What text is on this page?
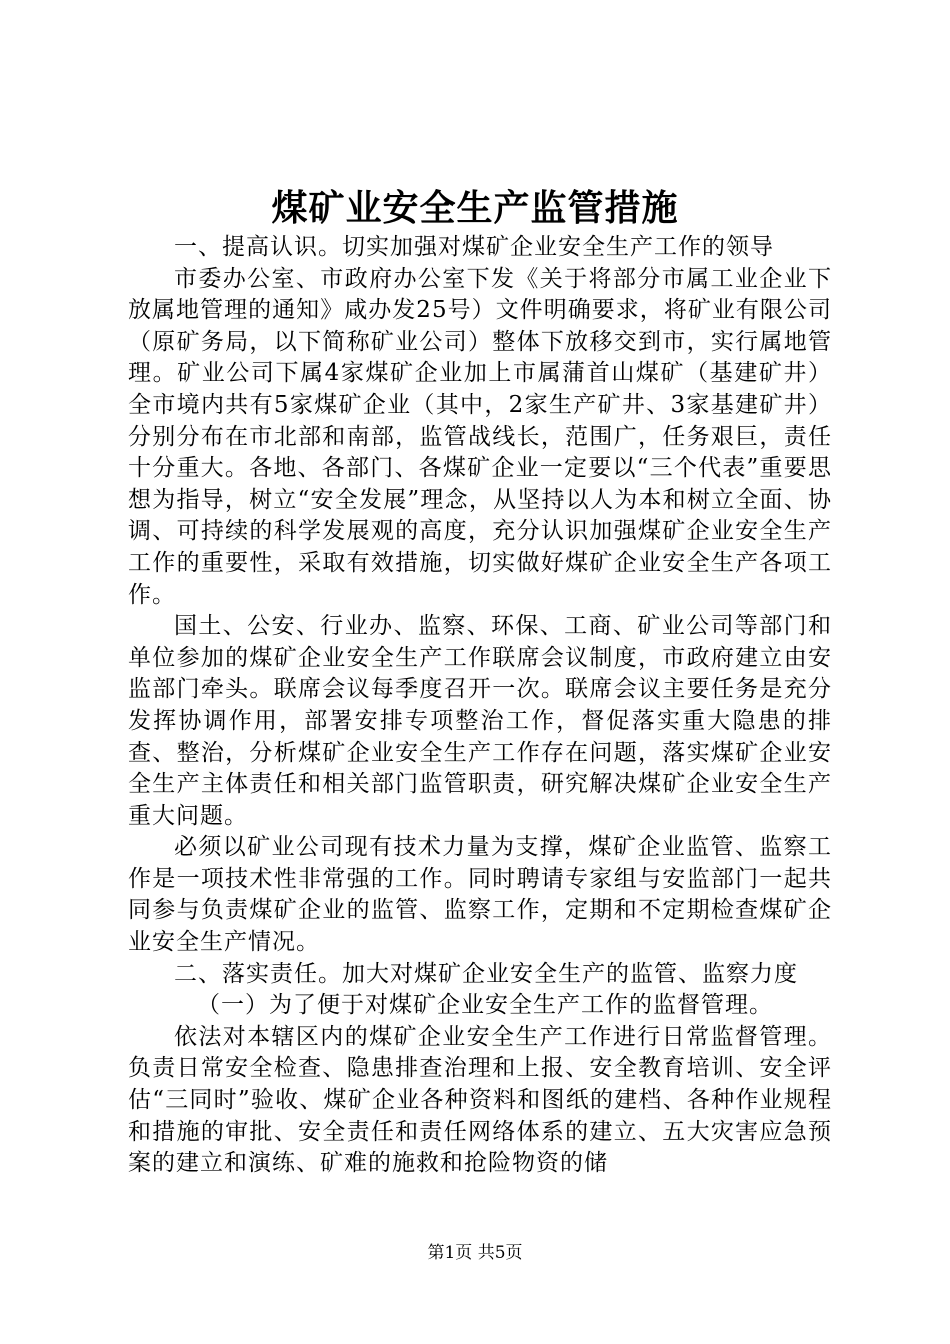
煤矿业安全生产监管措施

一、提高认识。切实加强对煤矿企业安全生产工作的领导

市委办公室、市政府办公室下发《关于将部分市属工业企业下放属地管理的通知》咸办发25号）文件明确要求，将矿业有限公司（原矿务局，以下简称矿业公司）整体下放移交到市，实行属地管理。矿业公司下属4家煤矿企业加上市属蒲首山煤矿（基建矿井）全市境内共有5家煤矿企业（其中，2家生产矿井、3家基建矿井）分别分布在市北部和南部，监管战线长，范围广，任务艰巨，责任十分重大。各地、各部门、各煤矿企业一定要以“三个代表”重要思想为指导，树立“安全发展”理念，从坚持以人为本和树立全面、协调、可持续的科学发展观的高度，充分认识加强煤矿企业安全生产工作的重要性，采取有效措施，切实做好煤矿企业安全生产各项工作。

国土、公安、行业办、监察、环保、工商、矿业公司等部门和单位参加的煤矿企业安全生产工作联席会议制度，市政府建立由安监部门牵头。联席会议每季度召开一次。联席会议主要任务是充分发挥协调作用，部署安排专项整治工作，督促落实重大隐患的排查、整治，分析煤矿企业安全生产工作存在问题，落实煤矿企业安全生产主体责任和相关部门监管职责，研究解决煤矿企业安全生产重大问题。

必须以矿业公司现有技术力量为支撑，煤矿企业监管、监察工作是一项技术性非常强的工作。同时聘请专家组与安监部门一起共同参与负责煤矿企业的监管、监察工作，定期和不定期检查煤矿企业安全生产情况。

二、落实责任。加大对煤矿企业安全生产的监管、监察力度

（一）为了便于对煤矿企业安全生产工作的监督管理。

依法对本辖区内的煤矿企业安全生产工作进行日常监督管理。负责日常安全检查、隐患排查治理和上报、安全教育培训、安全评估“三同时”验收、煤矿企业各种资料和图纸的建档、各种作业规程和措施的审批、安全责任和责任网络体系的建立、五大灾害应急预案的建立和演练、矿难的施救和抢险物资的储

第1页 共5页
